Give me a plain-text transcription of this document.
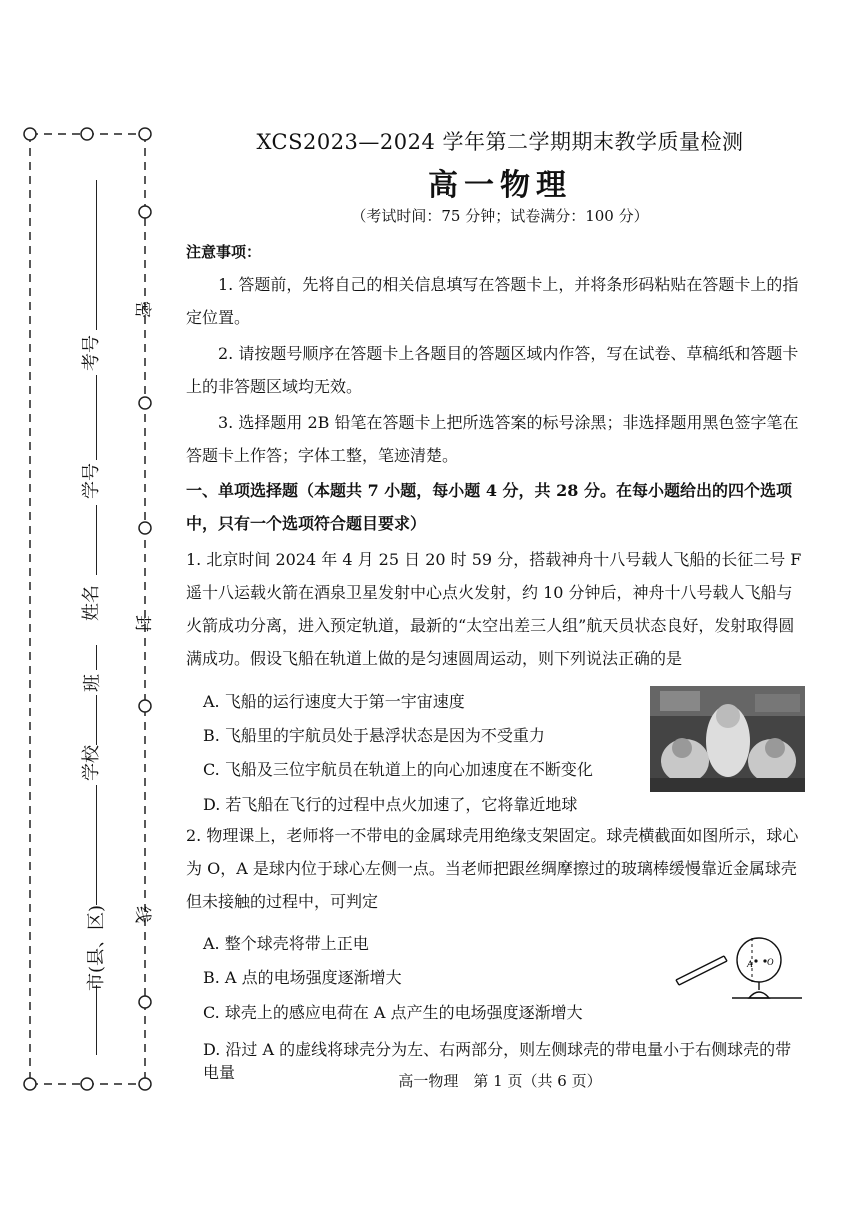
考号
学号
姓名
班
学校
市(县、区)
密
封
线
XCS2023—2024 学年第二学期期末教学质量检测
高一物理
（考试时间：75 分钟；试卷满分：100 分）
注意事项：
1. 答题前，先将自己的相关信息填写在答题卡上，并将条形码粘贴在答题卡上的指定位置。
2. 请按题号顺序在答题卡上各题目的答题区域内作答，写在试卷、草稿纸和答题卡上的非答题区域均无效。
3. 选择题用 2B 铅笔在答题卡上把所选答案的标号涂黑；非选择题用黑色签字笔在答题卡上作答；字体工整，笔迹清楚。
一、单项选择题（本题共 7 小题，每小题 4 分，共 28 分。在每小题给出的四个选项中，只有一个选项符合题目要求）
1. 北京时间 2024 年 4 月 25 日 20 时 59 分，搭载神舟十八号载人飞船的长征二号 F 遥十八运载火箭在酒泉卫星发射中心点火发射，约 10 分钟后，神舟十八号载人飞船与火箭成功分离，进入预定轨道，最新的“太空出差三人组”航天员状态良好，发射取得圆满成功。假设飞船在轨道上做的是匀速圆周运动，则下列说法正确的是
A. 飞船的运行速度大于第一宇宙速度
B. 飞船里的宇航员处于悬浮状态是因为不受重力
C. 飞船及三位宇航员在轨道上的向心加速度在不断变化
D. 若飞船在飞行的过程中点火加速了，它将靠近地球
2. 物理课上，老师将一不带电的金属球壳用绝缘支架固定。球壳横截面如图所示，球心为 O，A 是球内位于球心左侧一点。当老师把跟丝绸摩擦过的玻璃棒缓慢靠近金属球壳但未接触的过程中，可判定
A. 整个球壳将带上正电
B. A 点的电场强度逐渐增大
C. 球壳上的感应电荷在 A 点产生的电场强度逐渐增大
D. 沿过 A 的虚线将球壳分为左、右两部分，则左侧球壳的带电量小于右侧球壳的带电量
A O
高一物理　第 1 页（共 6 页）
